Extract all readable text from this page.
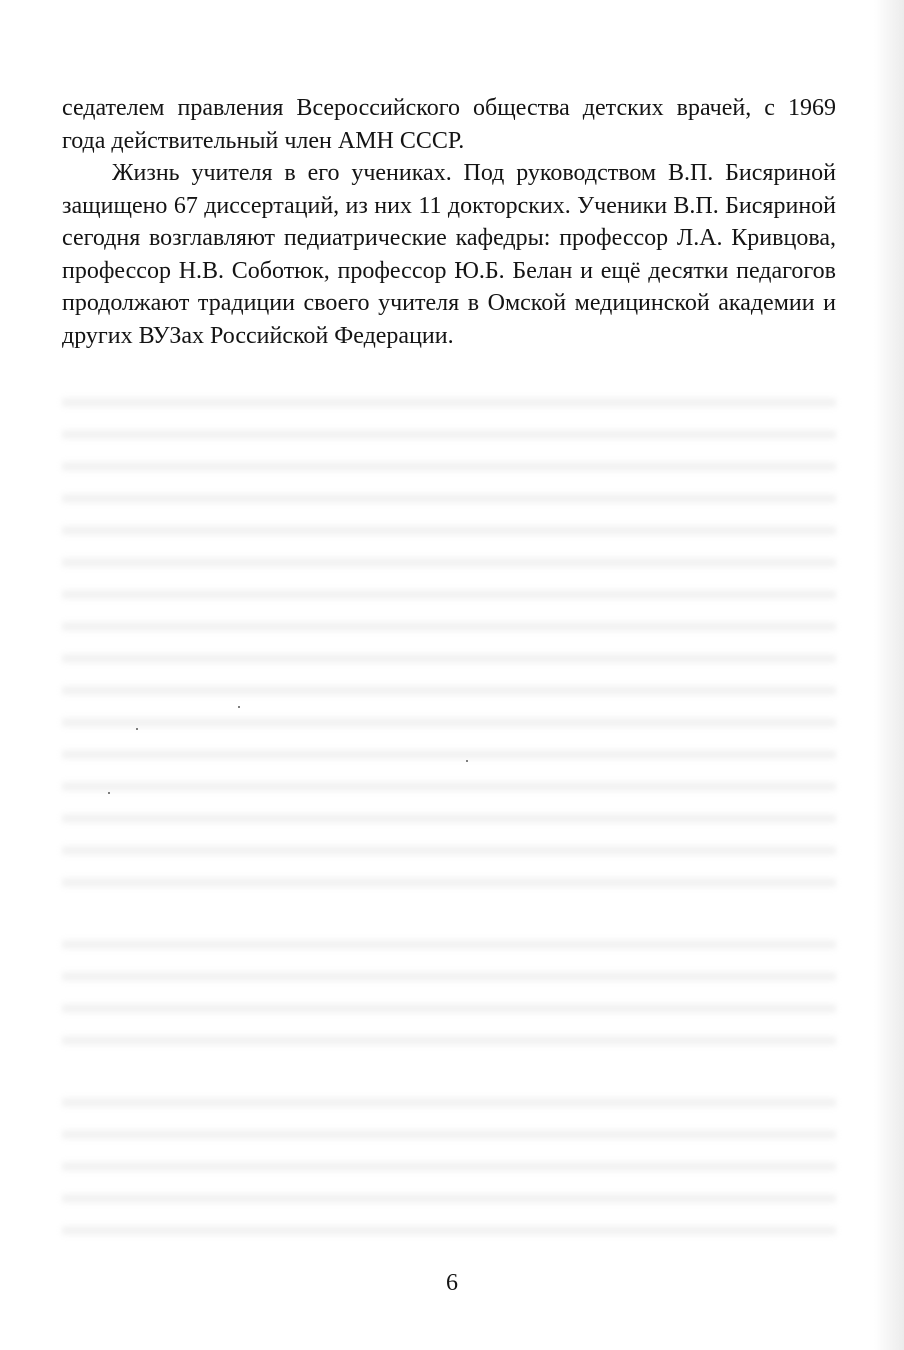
седателем правления Всероссийского общества детских врачей, с 1969 года действительный член АМН СССР.

Жизнь учителя в его учениках. Под руководством В.П. Бисяриной защищено 67 диссертаций, из них 11 докторских. Ученики В.П. Бисяриной сегодня возглавляют педиатрические кафедры: профессор Л.А. Кривцова, профессор Н.В. Соботюк, профессор Ю.Б. Белан и ещё десятки педагогов продолжают традиции своего учителя в Омской медицинской академии и других ВУЗах Российской Федерации.

6
